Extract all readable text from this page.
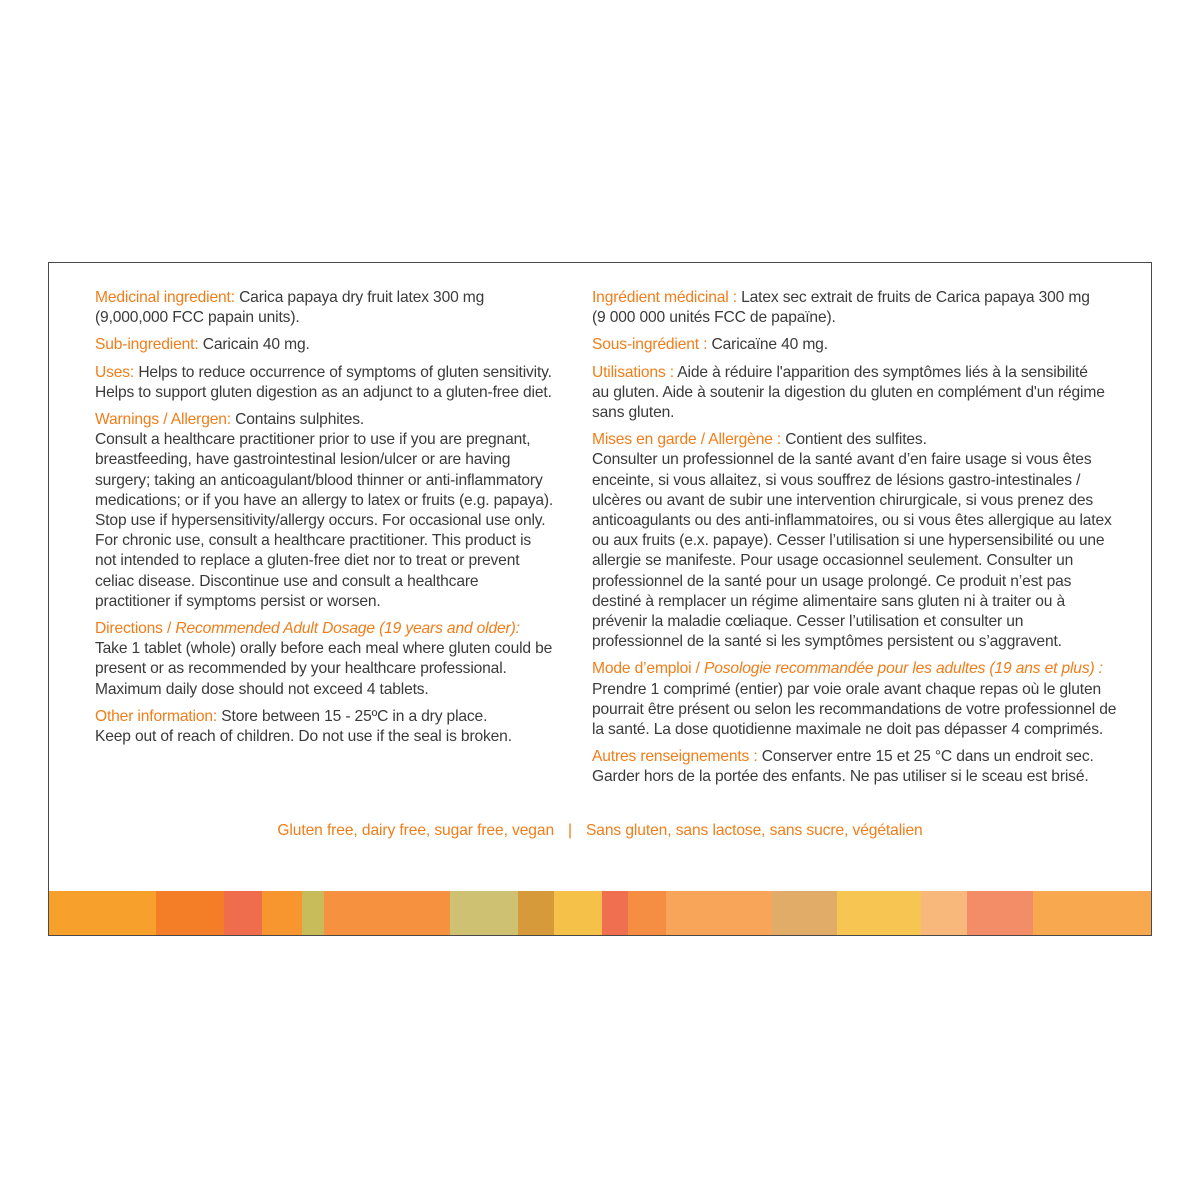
Medicinal ingredient: Carica papaya dry fruit latex 300 mg

(9,000,000 FCC papain units).

Sub-ingredient: Caricain 40 mg.

Uses: Helps to reduce occurrence of symptoms of gluten sensitivity.

Helps to support gluten digestion as an adjunct to a gluten-free diet.

Warnings / Allergen: Contains sulphites.

Consult a healthcare practitioner prior to use if you are pregnant,

breastfeeding, have gastrointestinal lesion/ulcer or are having

surgery; taking an anticoagulant/blood thinner or anti-inflammatory

medications; or if you have an allergy to latex or fruits (e.g. papaya).

Stop use if hypersensitivity/allergy occurs. For occasional use only.

For chronic use, consult a healthcare practitioner. This product is

not intended to replace a gluten-free diet nor to treat or prevent

celiac disease. Discontinue use and consult a healthcare

practitioner if symptoms persist or worsen.

Directions / Recommended Adult Dosage (19 years and older):

Take 1 tablet (whole) orally before each meal where gluten could be

present or as recommended by your healthcare professional.

Maximum daily dose should not exceed 4 tablets.

Other information: Store between 15 - 25ºC in a dry place.

Keep out of reach of children. Do not use if the seal is broken.

Ingrédient médicinal : Latex sec extrait de fruits de Carica papaya 300 mg

(9 000 000 unités FCC de papaïne).

Sous-ingrédient : Caricaïne 40 mg.

Utilisations : Aide à réduire l'apparition des symptômes liés à la sensibilité

au gluten. Aide à soutenir la digestion du gluten en complément d'un régime

sans gluten.

Mises en garde / Allergène : Contient des sulfites.

Consulter un professionnel de la santé avant d’en faire usage si vous êtes

enceinte, si vous allaitez, si vous souffrez de lésions gastro-intestinales /

ulcères ou avant de subir une intervention chirurgicale, si vous prenez des

anticoagulants ou des anti-inflammatoires, ou si vous êtes allergique au latex

ou aux fruits (e.x. papaye). Cesser l’utilisation si une hypersensibilité ou une

allergie se manifeste. Pour usage occasionnel seulement. Consulter un

professionnel de la santé pour un usage prolongé. Ce produit n’est pas

destiné à remplacer un régime alimentaire sans gluten ni à traiter ou à

prévenir la maladie cœliaque. Cesser l’utilisation et consulter un

professionnel de la santé si les symptômes persistent ou s’aggravent.

Mode d’emploi / Posologie recommandée pour les adultes (19 ans et plus) :

Prendre 1 comprimé (entier) par voie orale avant chaque repas où le gluten

pourrait être présent ou selon les recommandations de votre professionnel de

la santé. La dose quotidienne maximale ne doit pas dépasser 4 comprimés.

Autres renseignements : Conserver entre 15 et 25 °C dans un endroit sec.

Garder hors de la portée des enfants. Ne pas utiliser si le sceau est brisé.

Gluten free, dairy free, sugar free, vegan | Sans gluten, sans lactose, sans sucre, végétalien
